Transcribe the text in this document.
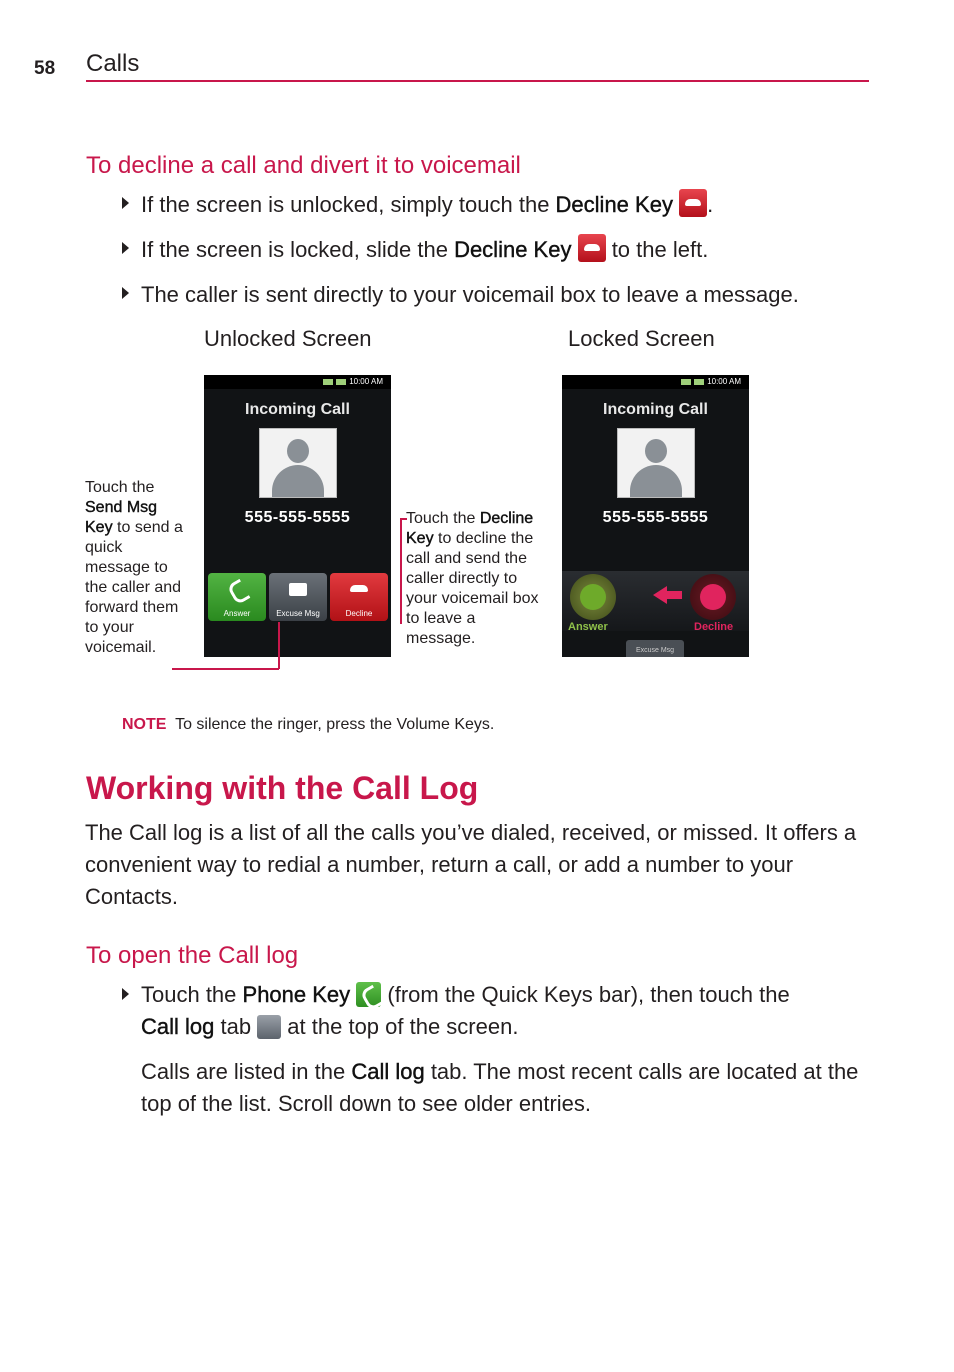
58 Calls
To decline a call and divert it to voicemail
If the screen is unlocked, simply touch the Decline Key .
If the screen is locked, slide the Decline Key
to the left.
The caller is sent directly to your voicemail box to leave a message.
Unlocked Screen	Locked Screen
10:00 AM
Incoming Call
555-555-5555
Answer	Excuse Msg	Decline
Touch the Send Msg Key to send a quick message to the caller and forward them to your voicemail.
Touch the Decline Key to decline the call and send the caller directly to your voicemail box to leave a message.
10:00 AM
Incoming Call
555-555-5555
Answer	Decline
Excuse Msg
NOTE To silence the ringer, press the Volume Keys.
Working with the Call Log
The Call log is a list of all the calls you’ve dialed, received, or missed. It offers a convenient way to redial a number, return a call, or add a number to your Contacts.
To open the Call log
Touch the Phone Key
(from the Quick Keys bar), then touch the
Call log tab  at the top of the screen.
Calls are listed in the Call log tab. The most recent calls are located at the top of the list. Scroll down to see older entries.
